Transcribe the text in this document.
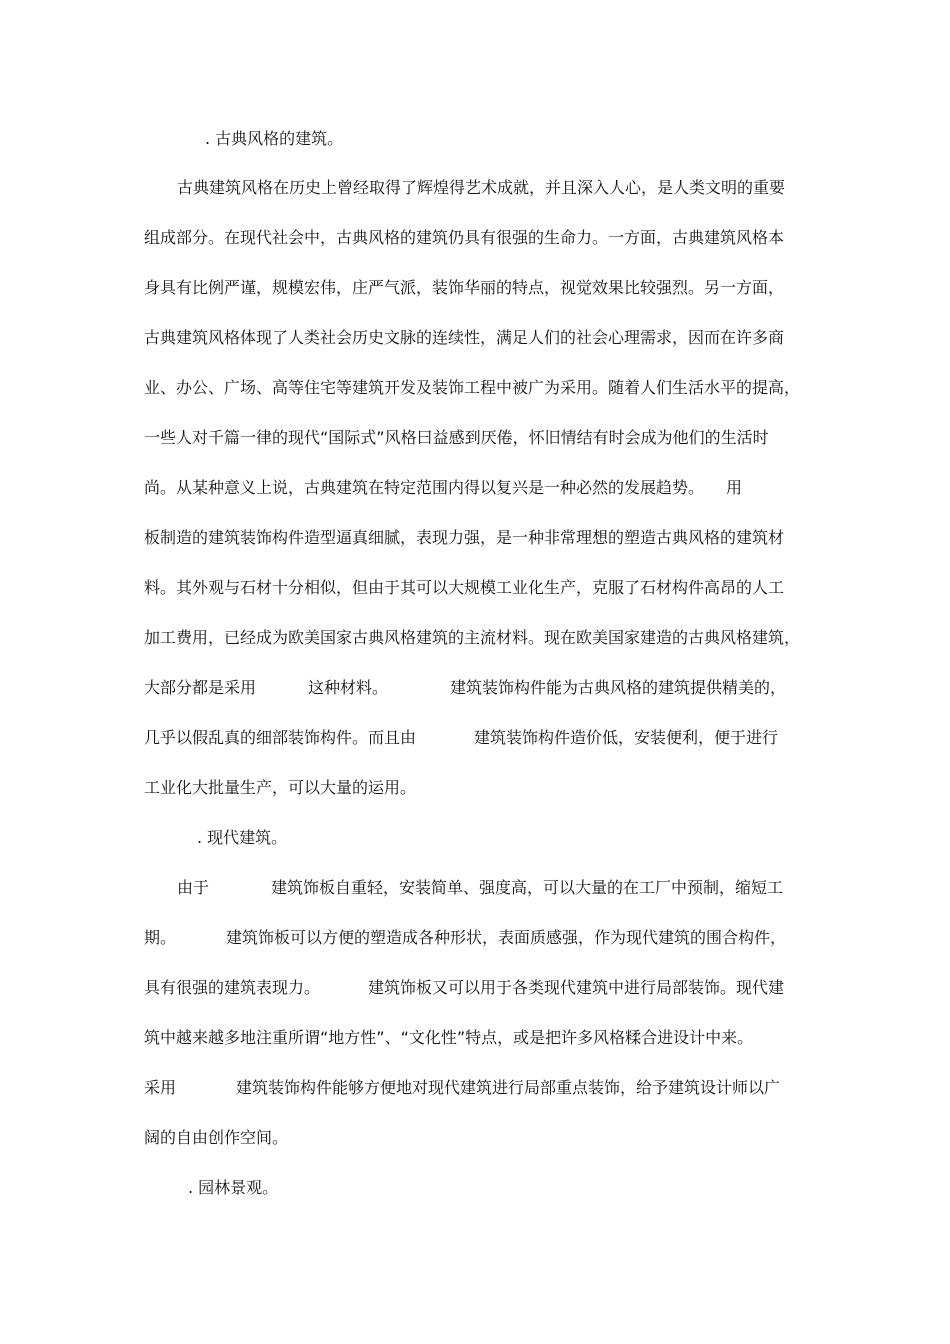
. 古典风格的建筑。
古典建筑风格在历史上曾经取得了辉煌得艺术成就，并且深入人心，是人类文明的重要
组成部分。在现代社会中，古典风格的建筑仍具有很强的生命力。一方面，古典建筑风格本
身具有比例严谨，规模宏伟，庄严气派，装饰华丽的特点，视觉效果比较强烈。另一方面，
古典建筑风格体现了人类社会历史文脉的连续性，满足人们的社会心理需求，因而在许多商
业、办公、广场、高等住宅等建筑开发及装饰工程中被广为采用。随着人们生活水平的提高，
一些人对千篇一律的现代“国际式”风格曰益感到厌倦，怀旧情结有时会成为他们的生活时
尚。从某种意义上说，古典建筑在特定范围内得以复兴是一种必然的发展趋势。 用
板制造的建筑装饰构件造型逼真细腻，表现力强，是一种非常理想的塑造古典风格的建筑材
料。其外观与石材十分相似，但由于其可以大规模工业化生产，克服了石材构件高昂的人工
加工费用，已经成为欧美国家古典风格建筑的主流材料。现在欧美国家建造的古典风格建筑，
大部分都是采用	这种材料。	建筑装饰构件能为古典风格的建筑提供精美的，
几乎以假乱真的细部装饰构件。而且由	建筑装饰构件造价低，安装便利，便于进行
工业化大批量生产，可以大量的运用。
. 现代建筑。
由于	建筑饰板自重轻，安装简单、强度高，可以大量的在工厂中预制，缩短工
期。	建筑饰板可以方便的塑造成各种形状，表面质感强，作为现代建筑的围合构件，
具有很强的建筑表现力。	建筑饰板又可以用于各类现代建筑中进行局部装饰。现代建
筑中越来越多地注重所谓“地方性”、“文化性”特点，或是把许多风格糅合进设计中来。
采用	建筑装饰构件能够方便地对现代建筑进行局部重点装饰，给予建筑设计师以广
阔的自由创作空间。
. 园林景观。
